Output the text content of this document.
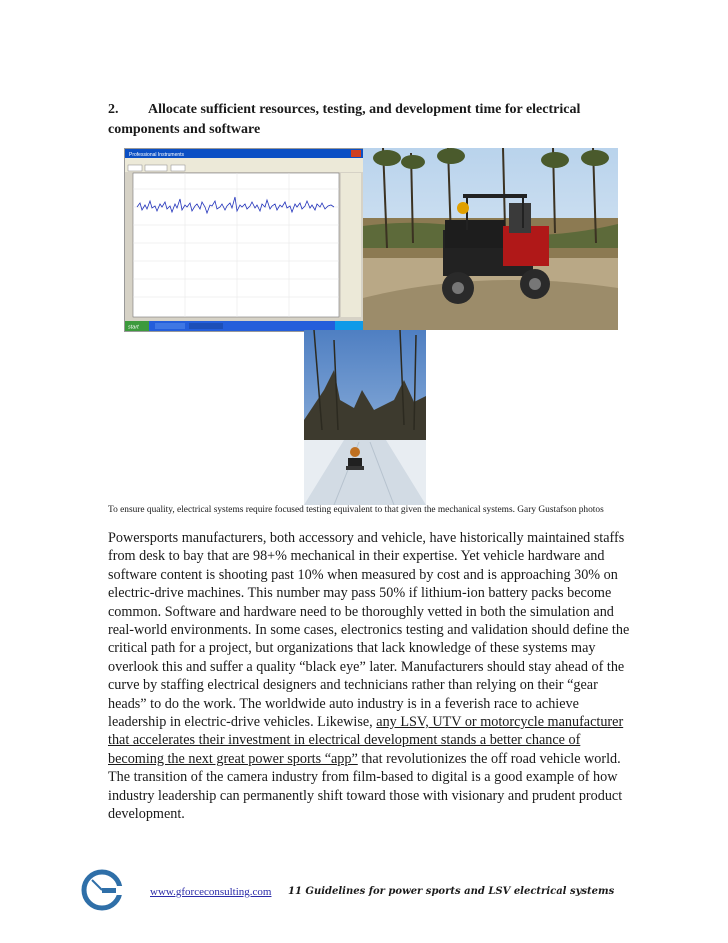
2. Allocate sufficient resources, testing, and development time for electrical components and software
Professional Instruments
start
To ensure quality, electrical systems require focused testing equivalent to that given the mechanical systems. Gary Gustafson photos
Powersports manufacturers, both accessory and vehicle, have historically maintained staffs from desk to bay that are 98+% mechanical in their expertise. Yet vehicle hardware and software content is shooting past 10% when measured by cost and is approaching 30% on electric-drive machines. This number may pass 50% if lithium-ion battery packs become common. Software and hardware need to be thoroughly vetted in both the simulation and real-world environments. In some cases, electronics testing and validation should define the critical path for a project, but organizations that lack knowledge of these systems may overlook this and suffer a quality “black eye” later. Manufacturers should stay ahead of the curve by staffing electrical designers and technicians rather than relying on their “gear heads” to do the work. The worldwide auto industry is in a feverish race to achieve leadership in electric-drive vehicles. Likewise, any LSV, UTV or motorcycle manufacturer that accelerates their investment in electrical development stands a better chance of becoming the next great power sports “app” that revolutionizes the off road vehicle world. The transition of the camera industry from film-based to digital is a good example of how industry leadership can permanently shift toward those with visionary and prudent product development.
www.gforceconsulting.com 11 Guidelines for power sports and LSV electrical systems
